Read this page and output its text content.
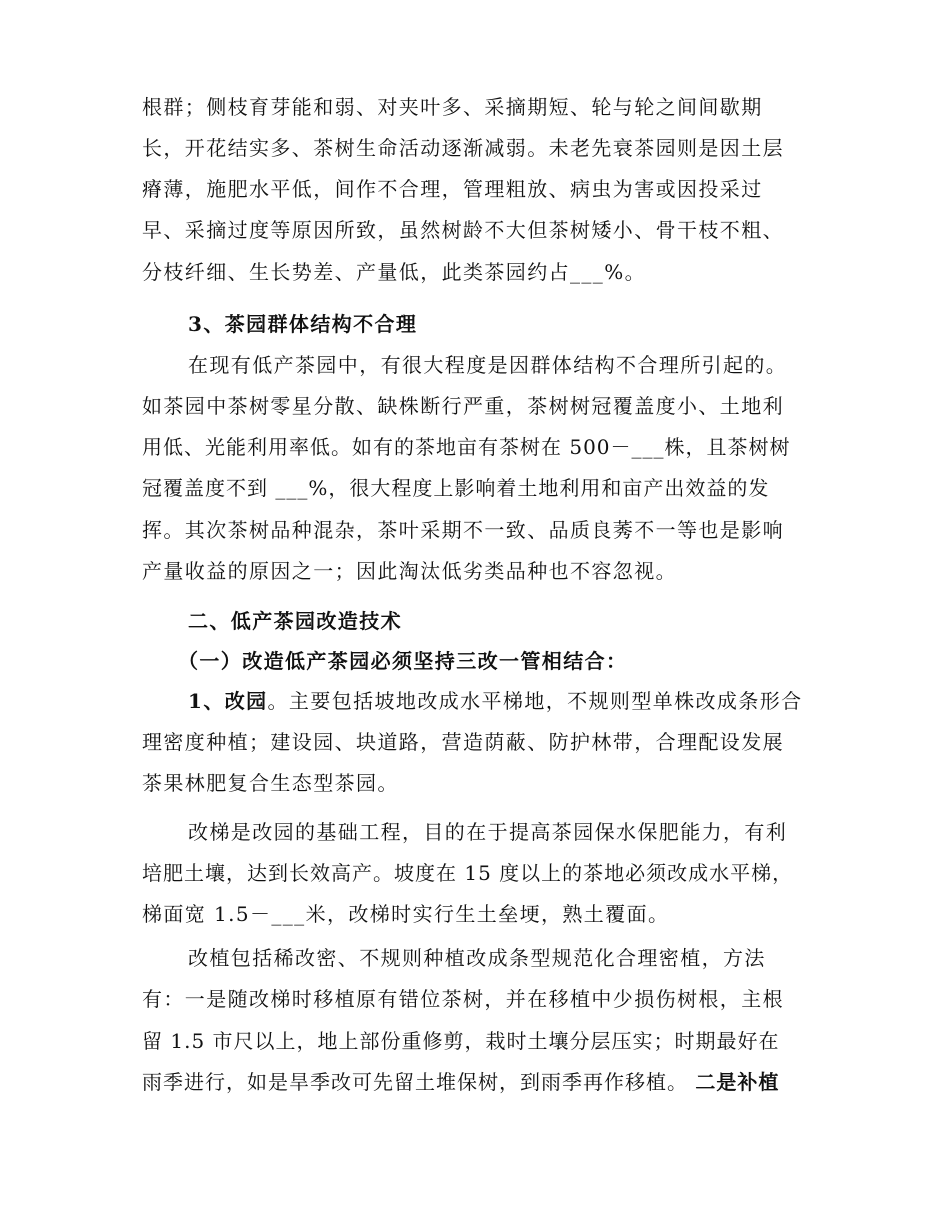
根群；侧枝育芽能和弱、对夹叶多、采摘期短、轮与轮之间间歇期

长，开花结实多、茶树生命活动逐渐减弱。未老先衰茶园则是因土层

瘠薄，施肥水平低，间作不合理，管理粗放、病虫为害或因投采过

早、采摘过度等原因所致，虽然树龄不大但茶树矮小、骨干枝不粗、

分枝纤细、生长势差、产量低，此类茶园约占___%。

3、茶园群体结构不合理

在现有低产茶园中，有很大程度是因群体结构不合理所引起的。

如茶园中茶树零星分散、缺株断行严重，茶树树冠覆盖度小、土地利

用低、光能利用率低。如有的茶地亩有茶树在 500－___株，且茶树树

冠覆盖度不到 ___%，很大程度上影响着土地利用和亩产出效益的发

挥。其次茶树品种混杂，茶叶采期不一致、品质良莠不一等也是影响

产量收益的原因之一；因此淘汰低劣类品种也不容忽视。

二、低产茶园改造技术

（一）改造低产茶园必须坚持三改一管相结合：

1、改园。主要包括坡地改成水平梯地，不规则型单株改成条形合

理密度种植；建设园、块道路，营造荫蔽、防护林带，合理配设发展

茶果林肥复合生态型茶园。

改梯是改园的基础工程，目的在于提高茶园保水保肥能力，有利

培肥土壤，达到长效高产。坡度在 15 度以上的茶地必须改成水平梯，

梯面宽 1.5－___米，改梯时实行生土垒埂，熟土覆面。

改植包括稀改密、不规则种植改成条型规范化合理密植，方法

有：一是随改梯时移植原有错位茶树，并在移植中少损伤树根，主根

留 1.5 市尺以上，地上部份重修剪，栽时土壤分层压实；时期最好在

雨季进行，如是旱季改可先留土堆保树，到雨季再作移植。 二是补植
